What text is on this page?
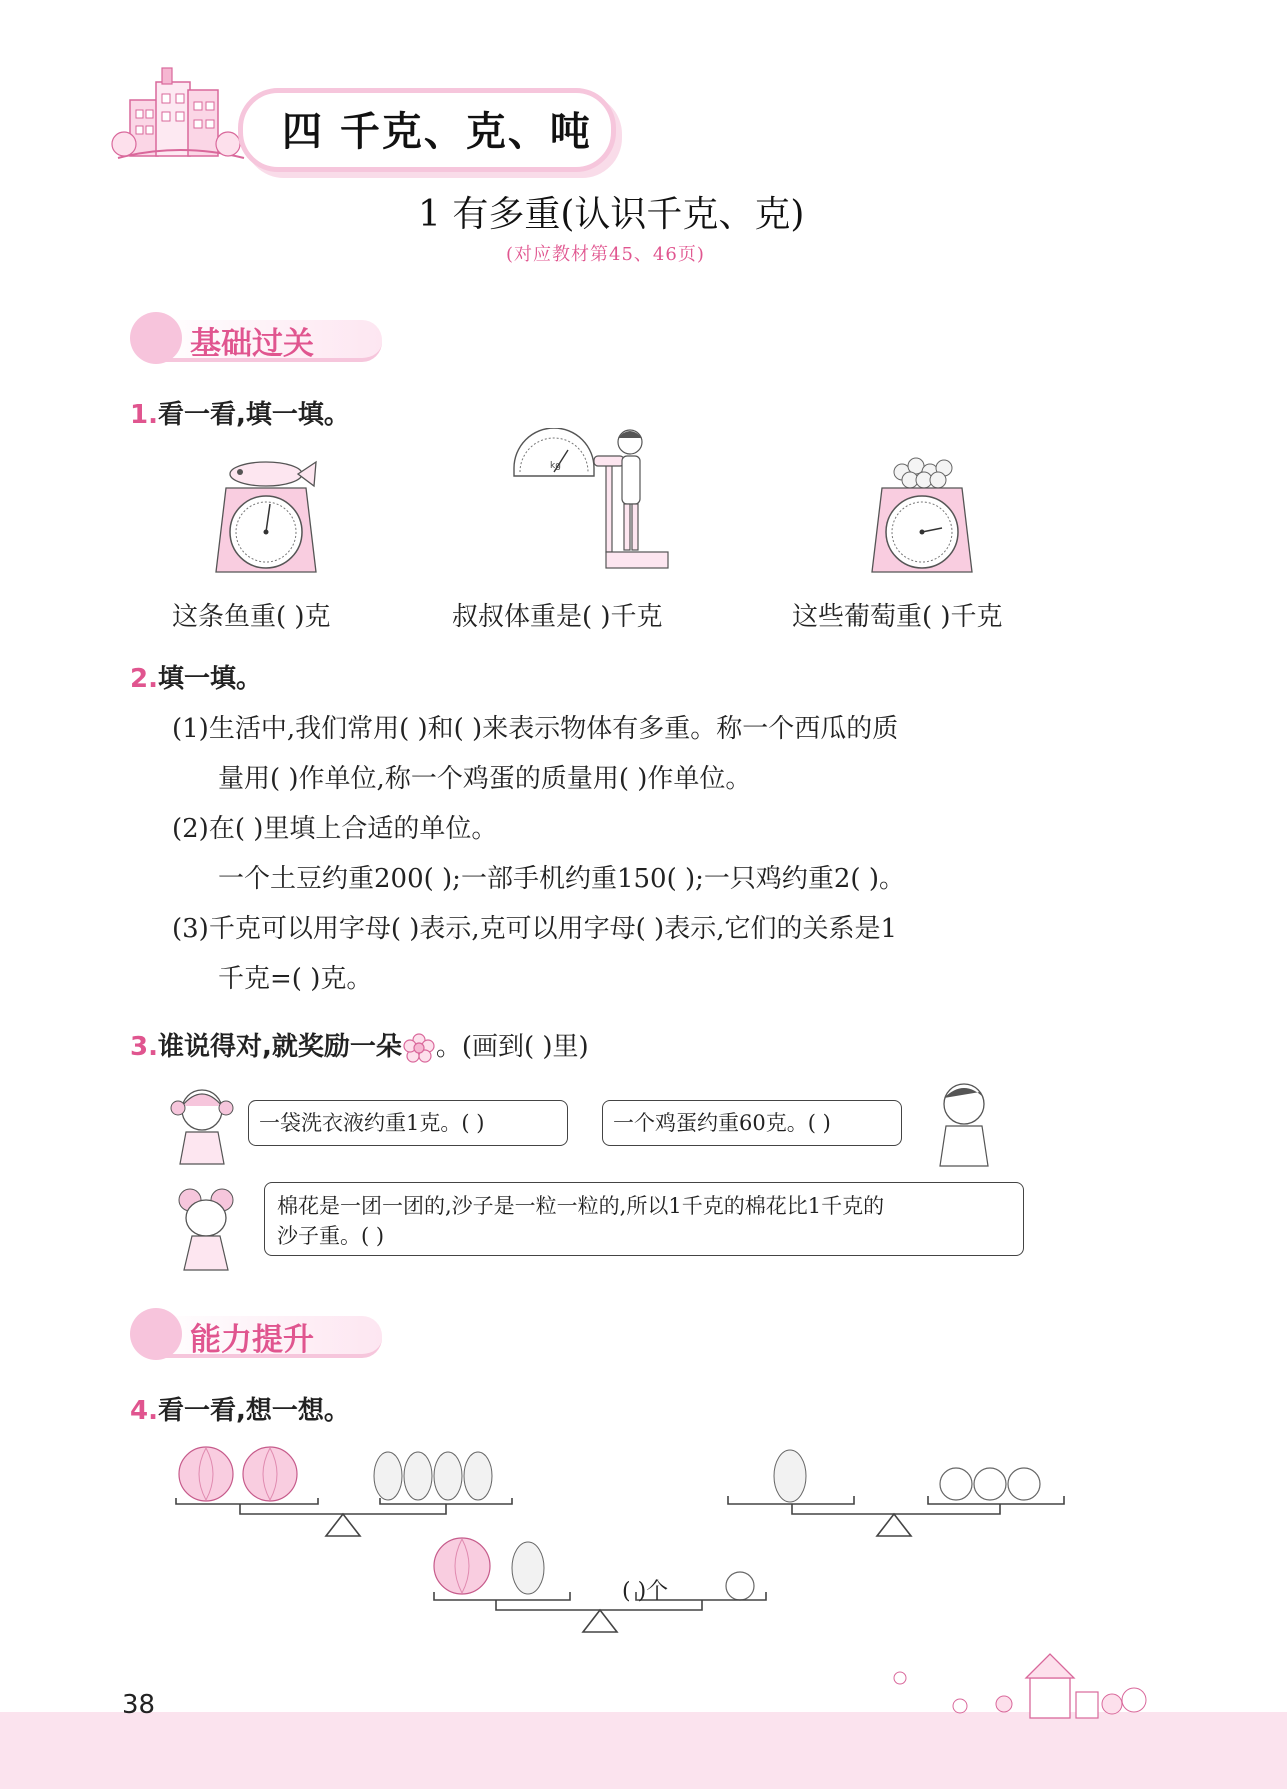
四 千克、克、吨
1 有多重(认识千克、克)
(对应教材第45、46页)
基础过关
1.看一看,填一填。
kg
这条鱼重( )克	叔叔体重是( )千克	这些葡萄重( )千克
2.填一填。
(1)生活中,我们常用( )和( )来表示物体有多重。称一个西瓜的质
量用( )作单位,称一个鸡蛋的质量用( )作单位。
(2)在( )里填上合适的单位。
一个土豆约重200( );一部手机约重150( );一只鸡约重2( )。
(3)千克可以用字母( )表示,克可以用字母( )表示,它们的关系是1
千克=( )克。
3.谁说得对,就奖励一朵 。(画到( )里)
一袋洗衣液约重1克。( )	一个鸡蛋约重60克。( )
棉花是一团一团的,沙子是一粒一粒的,所以1千克的棉花比1千克的
沙子重。( )
能力提升
4.看一看,想一想。
( )个
38
